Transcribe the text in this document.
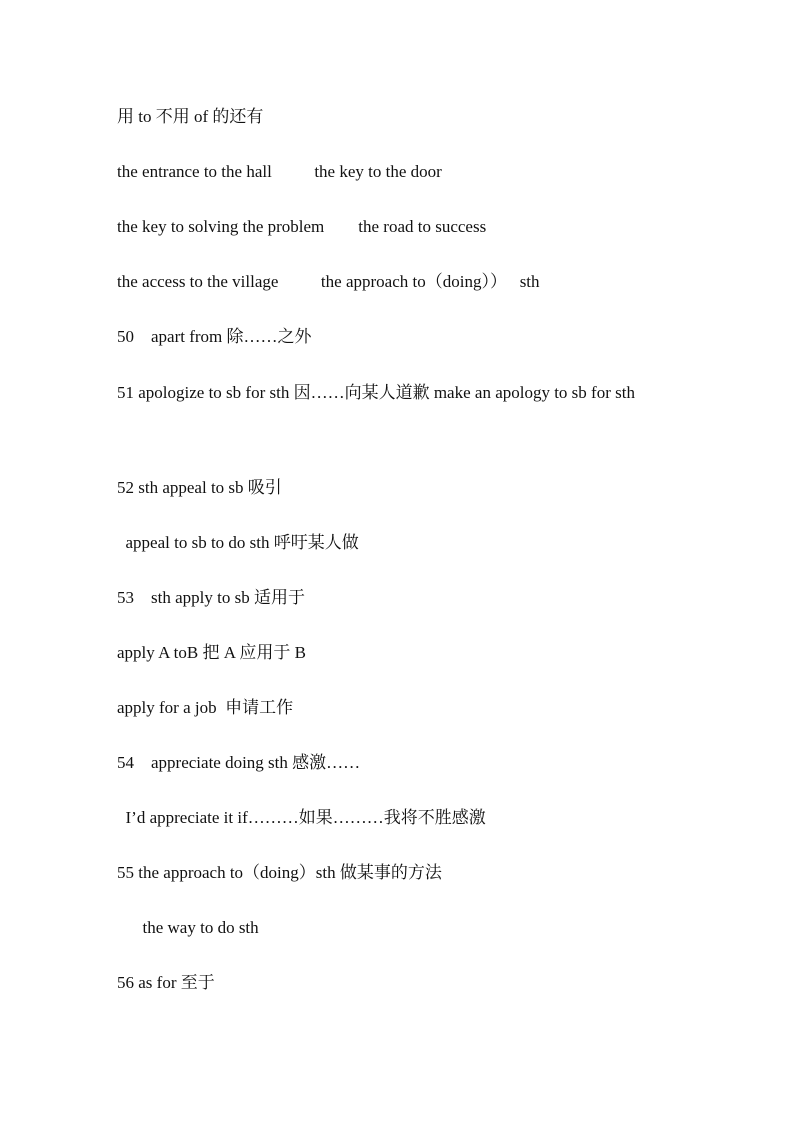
用 to 不用 of 的还有
the entrance to the hall          the key to the door
the key to solving the problem        the road to success
the access to the village          the approach to（doing））   sth
50    apart from 除……之外
51 apologize to sb for sth 因……向某人道歉 make an apology to sb for sth
52 sth appeal to sb 吸引
appeal to sb to do sth 呼吁某人做
53    sth apply to sb 适用于
apply A toB 把 A 应用于 B
apply for a job  申请工作
54    appreciate doing sth 感激……
I’d appreciate it if………如果………我将不胜感激
55 the approach to（doing）sth 做某事的方法
the way to do sth
56 as for 至于
